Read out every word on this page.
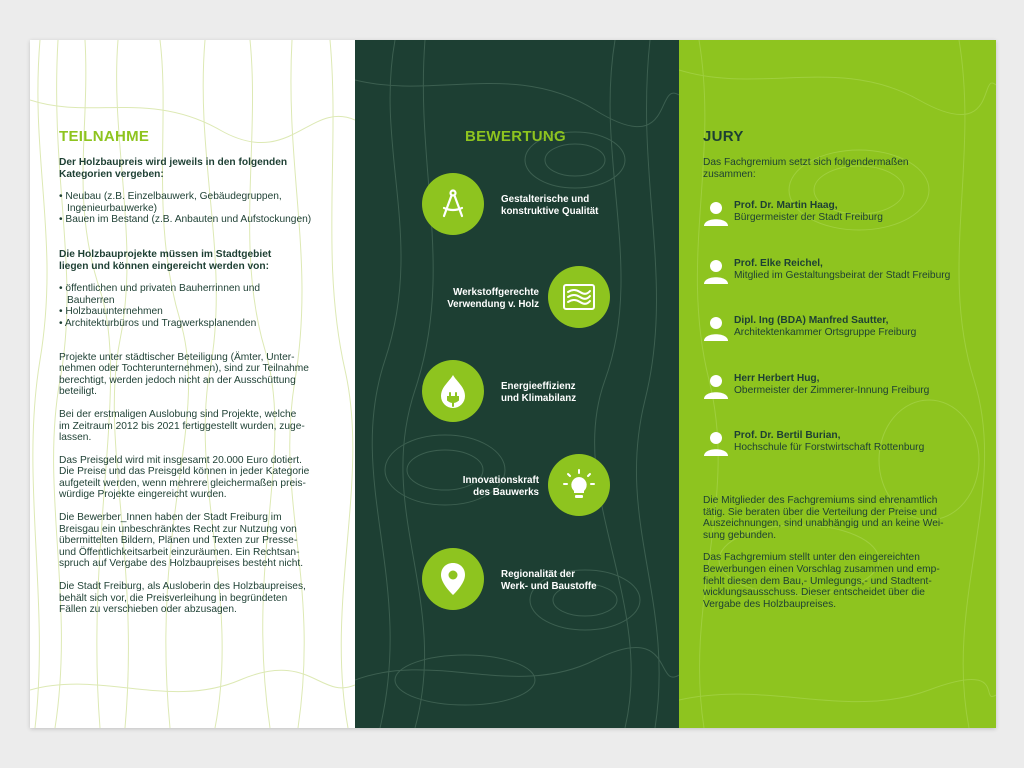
TEILNAHME

Der Holzbaupreis wird jeweils in den folgenden
Kategorien vergeben:

• Neubau (z.B. Einzelbauwerk, Gebäudegruppen,
Ingenieurbauwerke)
• Bauen im Bestand (z.B. Anbauten und Aufstockungen)

Die Holzbauprojekte müssen im Stadtgebiet
liegen und können eingereicht werden von:

• öffentlichen und privaten Bauherrinnen und
Bauherren
• Holzbauunternehmen
• Architekturbüros und Tragwerksplanenden

Projekte unter städtischer Beteiligung (Ämter, Unter-
nehmen oder Tochterunternehmen), sind zur Teilnahme
berechtigt, werden jedoch nicht an der Ausschüttung
beteiligt.

Bei der erstmaligen Auslobung sind Projekte, welche
im Zeitraum 2012 bis 2021 fertiggestellt wurden, zuge-
lassen.

Das Preisgeld wird mit insgesamt 20.000 Euro dotiert.
Die Preise und das Preisgeld können in jeder Kategorie
aufgeteilt werden, wenn mehrere gleichermaßen preis-
würdige Projekte eingereicht wurden.

Die Bewerber_Innen haben der Stadt Freiburg im
Breisgau ein unbeschränktes Recht zur Nutzung von
übermittelten Bildern, Plänen und Texten zur Presse-
und Öffentlichkeitsarbeit einzuräumen. Ein Rechtsan-
spruch auf Vergabe des Holzbaupreises besteht nicht.

Die Stadt Freiburg, als Ausloberin des Holzbaupreises,
behält sich vor, die Preisverleihung in begründeten
Fällen zu verschieben oder abzusagen.

BEWERTUNG

Gestalterische und
konstruktive Qualität
Werkstoffgerechte
Verwendung v. Holz
Energieeffizienz
und Klimabilanz
Innovationskraft
des Bauwerks
Regionalität der
Werk- und Baustoffe

JURY

Das Fachgremium setzt sich folgendermaßen
zusammen:

Prof. Dr. Martin Haag,
Bürgermeister der Stadt Freiburg
Prof. Elke Reichel,
Mitglied im Gestaltungsbeirat der Stadt Freiburg
Dipl. Ing (BDA) Manfred Sautter,
Architektenkammer Ortsgruppe Freiburg
Herr Herbert Hug,
Obermeister der Zimmerer-Innung Freiburg
Prof. Dr. Bertil Burian,
Hochschule für Forstwirtschaft Rottenburg

Die Mitglieder des Fachgremiums sind ehrenamtlich
tätig. Sie beraten über die Verteilung der Preise und
Auszeichnungen, sind unabhängig und an keine Wei-
sung gebunden.

Das Fachgremium stellt unter den eingereichten
Bewerbungen einen Vorschlag zusammen und emp-
fiehlt diesen dem Bau,- Umlegungs,- und Stadtent-
wicklungsausschuss. Dieser entscheidet über die
Vergabe des Holzbaupreises.
